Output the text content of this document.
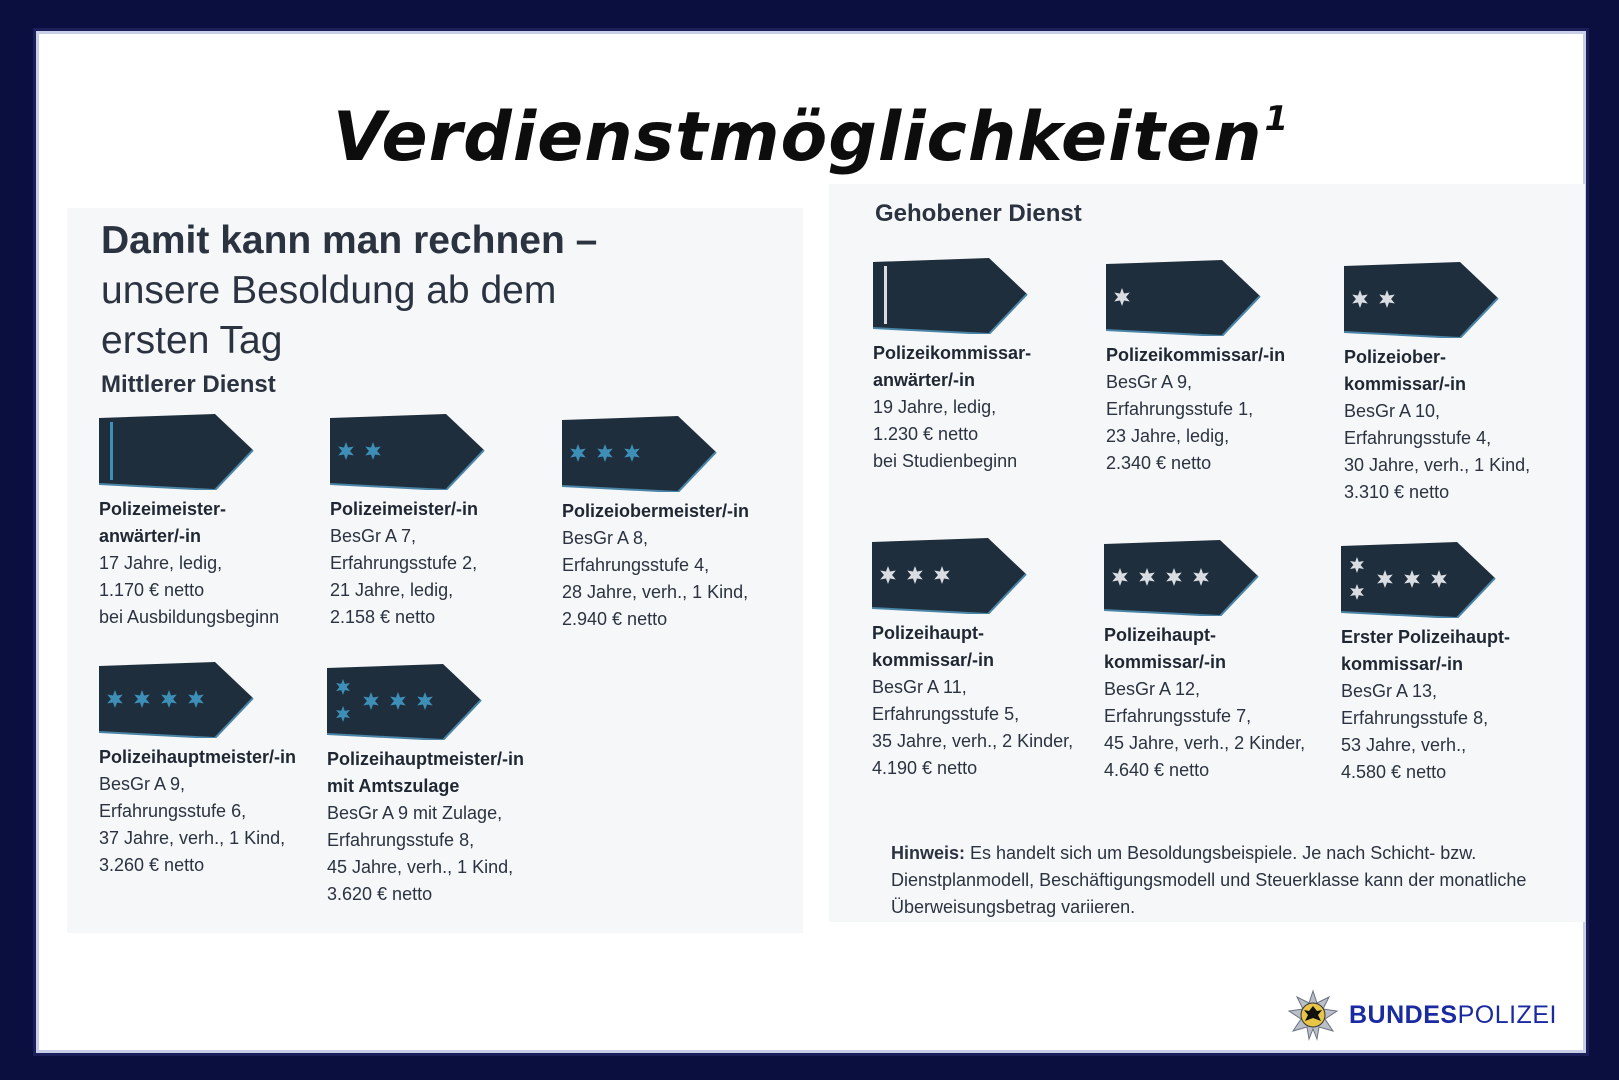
Verdienstmöglichkeiten$^1$
Damit kann man rechnen –
unsere Besoldung ab dem
ersten Tag
Mittlerer Dienst
Gehobener Dienst
Polizeimeister-
anwärter/-in
17 Jahre, ledig,
1.170 € netto
bei Ausbildungsbeginn
Polizeimeister/-in
BesGr A 7,
Erfahrungsstufe 2,
21 Jahre, ledig,
2.158 € netto
Polizeiobermeister/-in
BesGr A 8,
Erfahrungsstufe 4,
28 Jahre, verh., 1 Kind,
2.940 € netto
Polizeihauptmeister/-in
BesGr A 9,
Erfahrungsstufe 6,
37 Jahre, verh., 1 Kind,
3.260 € netto
Polizeihauptmeister/-in
mit Amtszulage
BesGr A 9 mit Zulage,
Erfahrungsstufe 8,
45 Jahre, verh., 1 Kind,
3.620 € netto
Polizeikommissar-
anwärter/-in
19 Jahre, ledig,
1.230 € netto
bei Studienbeginn
Polizeikommissar/-in
BesGr A 9,
Erfahrungsstufe 1,
23 Jahre, ledig,
2.340 € netto
Polizeiober-
kommissar/-in
BesGr A 10,
Erfahrungsstufe 4,
30 Jahre, verh., 1 Kind,
3.310 € netto
Polizeihaupt-
kommissar/-in
BesGr A 11,
Erfahrungsstufe 5,
35 Jahre, verh., 2 Kinder,
4.190 € netto
Polizeihaupt-
kommissar/-in
BesGr A 12,
Erfahrungsstufe 7,
45 Jahre, verh., 2 Kinder,
4.640 € netto
Erster Polizeihaupt-
kommissar/-in
BesGr A 13,
Erfahrungsstufe 8,
53 Jahre, verh.,
4.580 € netto
Hinweis: Es handelt sich um Besoldungsbeispiele. Je nach Schicht- bzw. Dienstplanmodell, Beschäftigungsmodell und Steuerklasse kann der monatliche Überweisungsbetrag variieren.
BUNDESPOLIZEI
